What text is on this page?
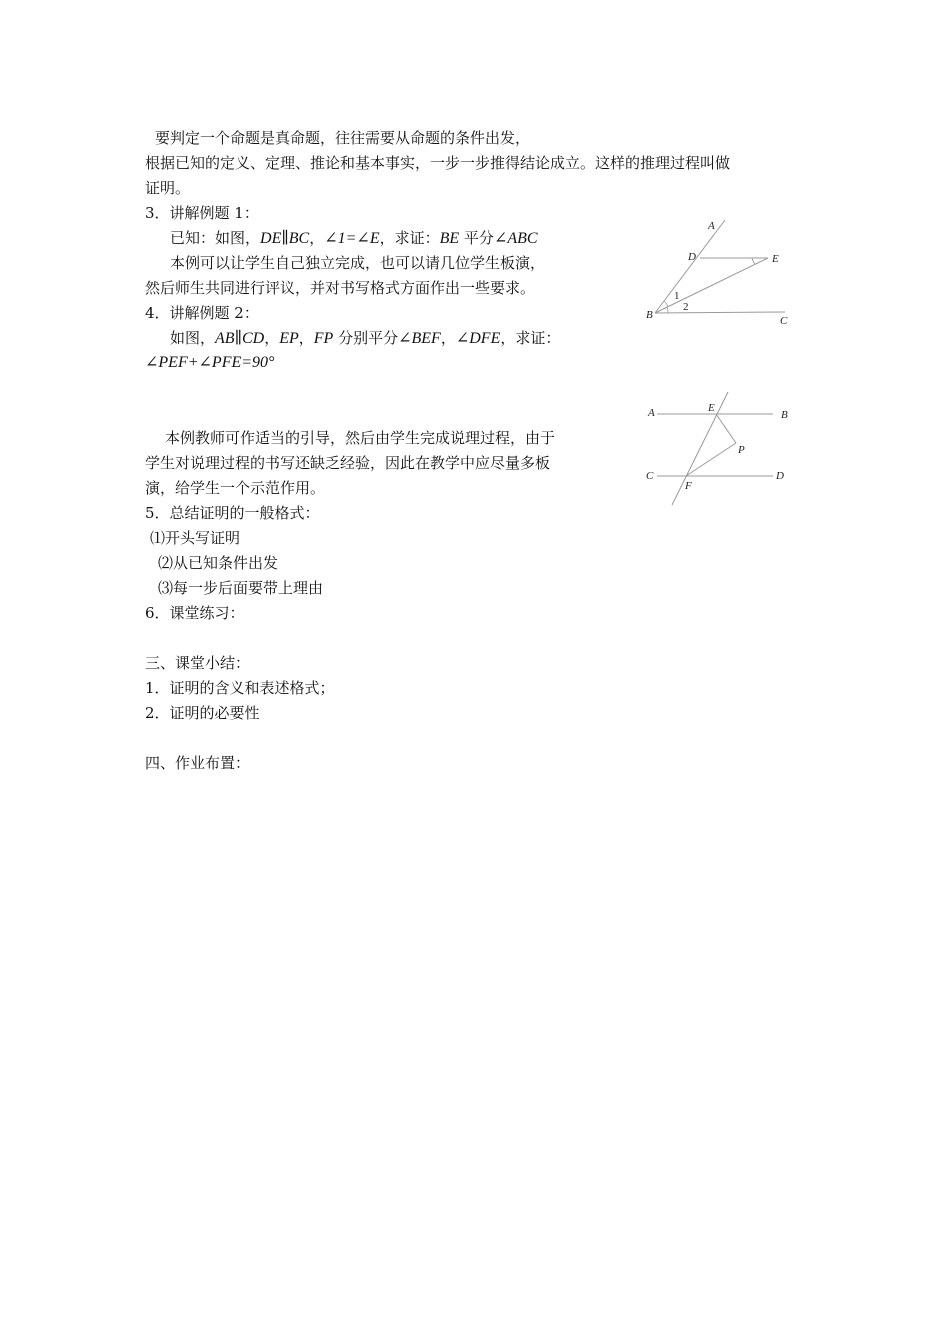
要判定一个命题是真命题，往往需要从命题的条件出发，
根据已知的定义、定理、推论和基本事实，一步一步推得结论成立。这样的推理过程叫做
证明。
3．讲解例题 1：
已知：如图，DE∥BC，∠1=∠E，求证：BE 平分∠ABC
本例可以让学生自己独立完成，也可以请几位学生板演，
然后师生共同进行评议，并对书写格式方面作出一些要求。
4．讲解例题 2：
如图，AB∥CD，EP，FP 分别平分∠BEF，∠DFE，求证：
∠PEF+∠PFE=90°
本例教师可作适当的引导，然后由学生完成说理过程，由于
学生对说理过程的书写还缺乏经验，因此在教学中应尽量多板
演，给学生一个示范作用。
5．总结证明的一般格式：
⑴开头写证明
⑵从已知条件出发
⑶每一步后面要带上理由
6．课堂练习：
三、课堂小结：
1．证明的含义和表述格式；
2．证明的必要性
四、作业布置：
A
D	E
B	C
1
2
A	E
B
P
C
F
D
